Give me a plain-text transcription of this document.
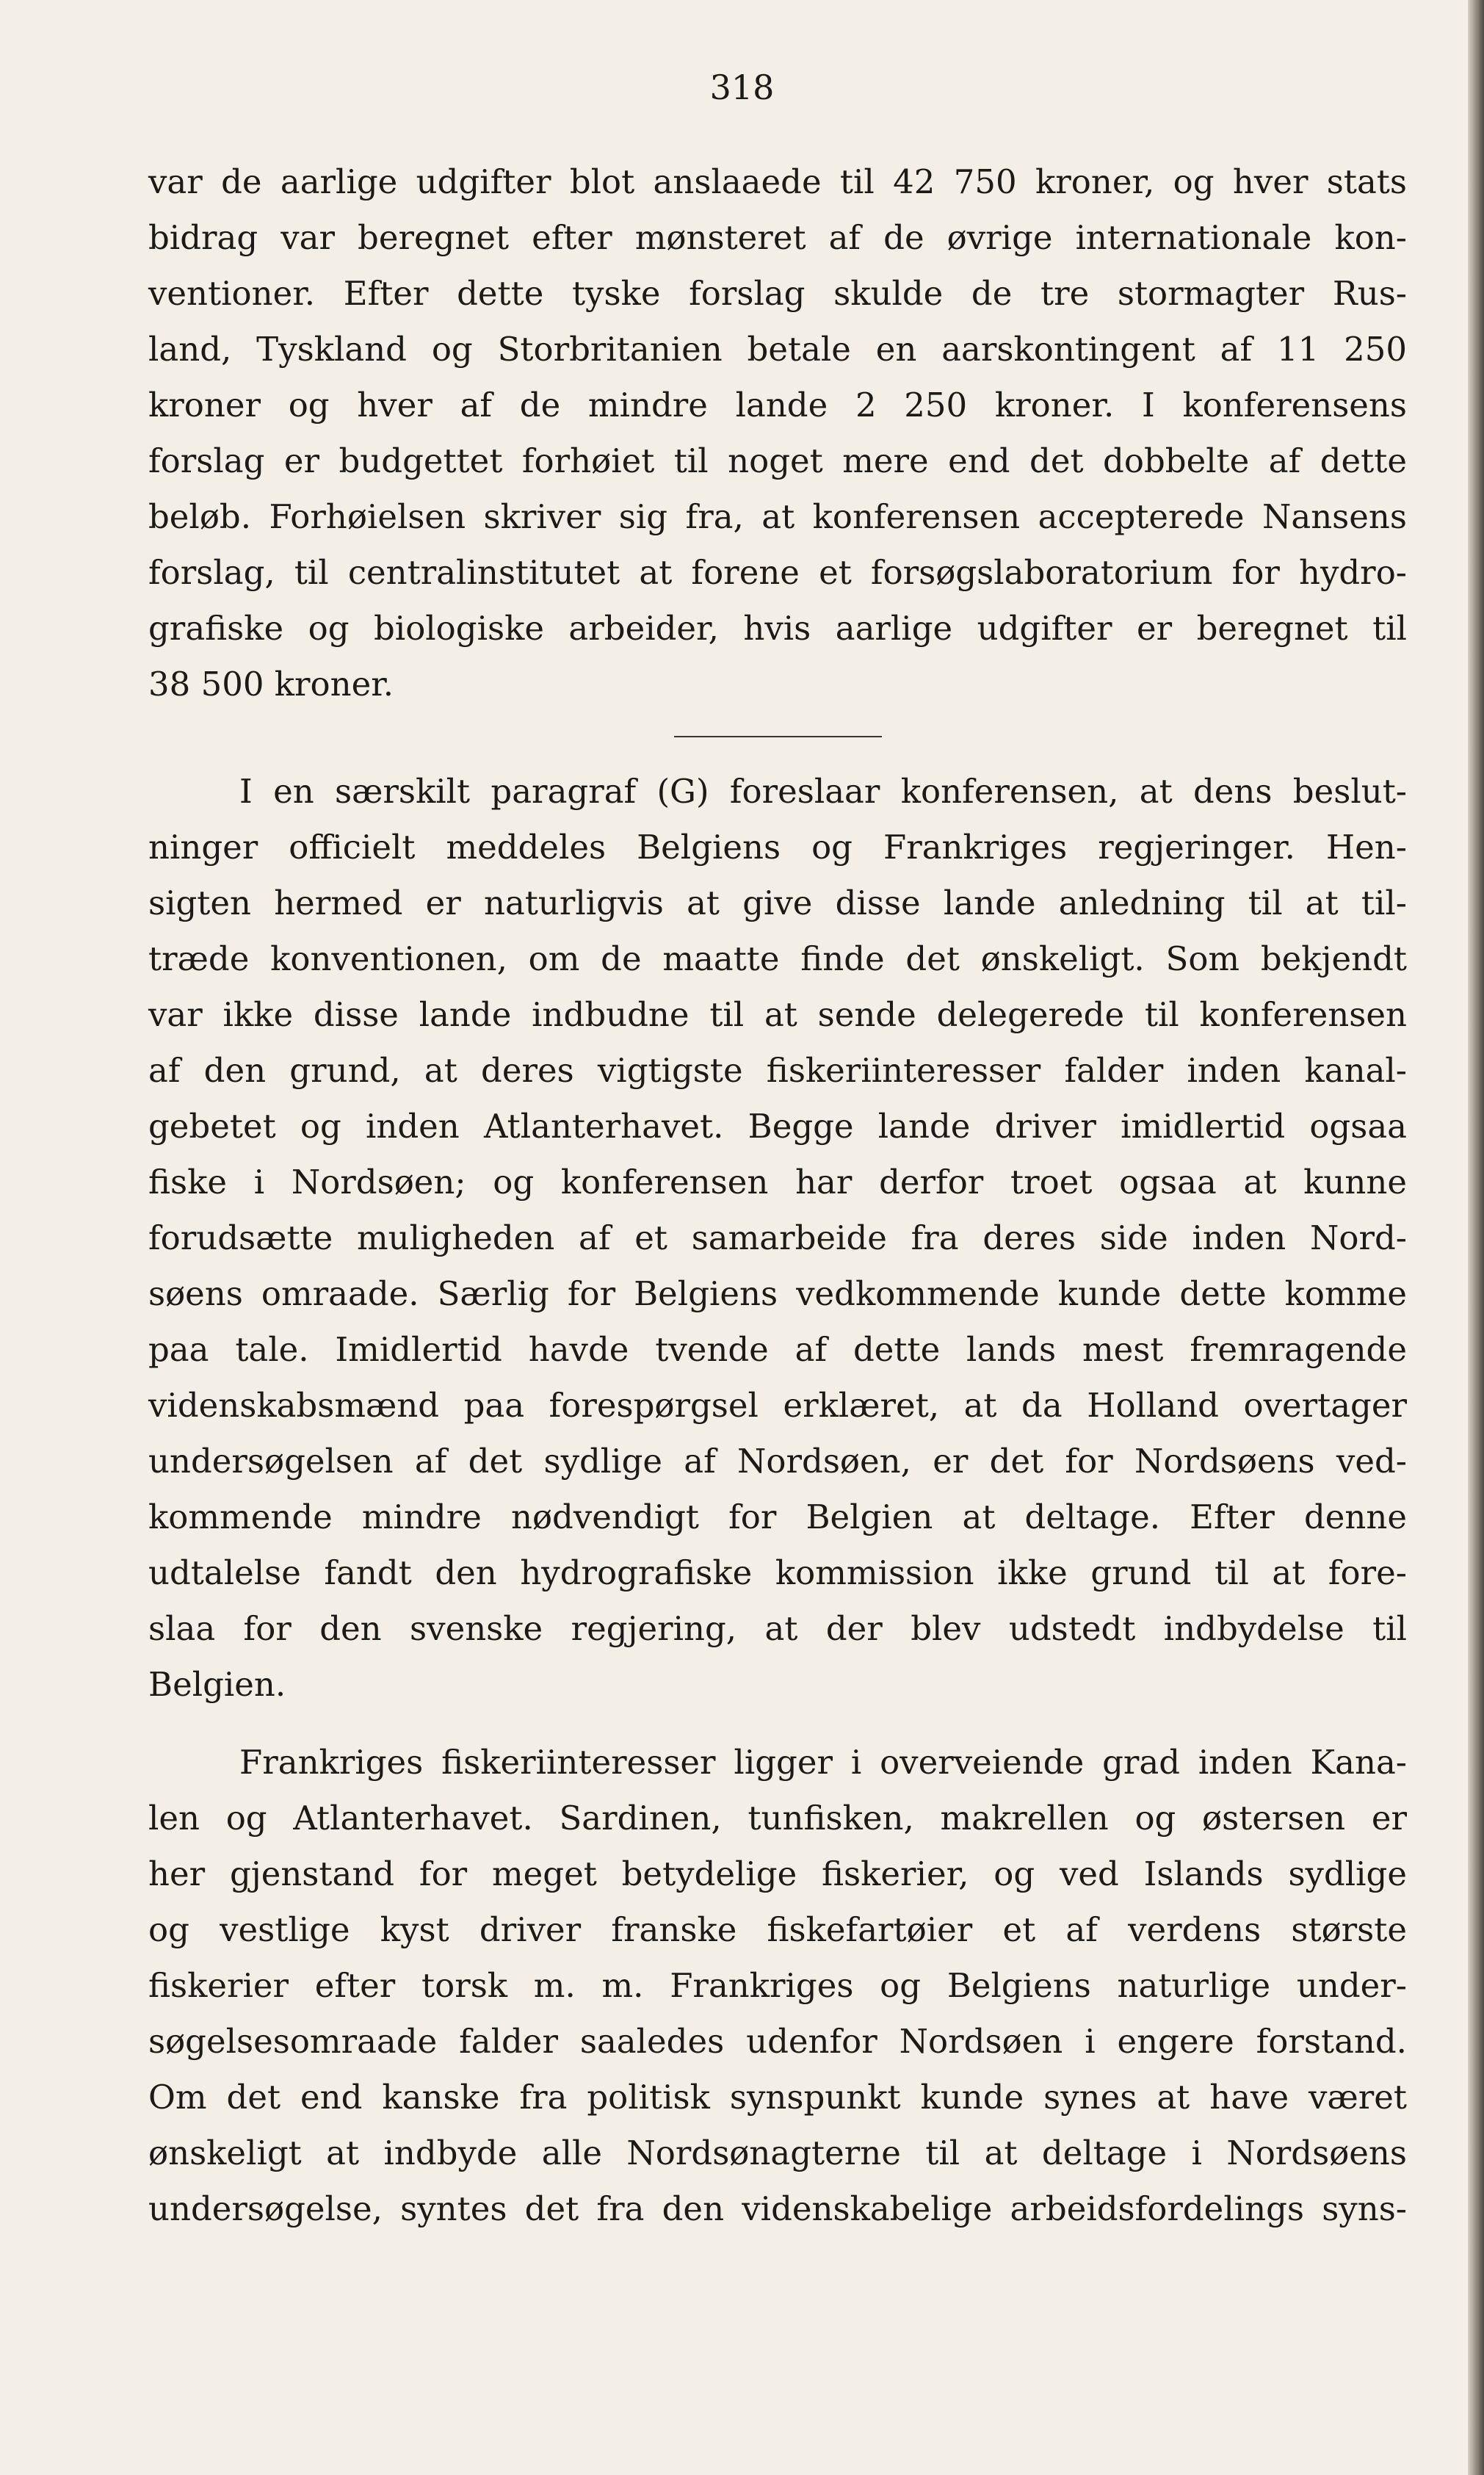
318
var de aarlige udgifter blot anslaaede til 42 750 kroner, og hver stats
bidrag var beregnet efter mønsteret af de øvrige internationale kon-
ventioner. Efter dette tyske forslag skulde de tre stormagter Rus-
land, Tyskland og Storbritanien betale en aarskontingent af 11 250
kroner og hver af de mindre lande 2 250 kroner. I konferensens
forslag er budgettet forhøiet til noget mere end det dobbelte af dette
beløb. Forhøielsen skriver sig fra, at konferensen accepterede Nansens
forslag, til centralinstitutet at forene et forsøgslaboratorium for hydro-
grafiske og biologiske arbeider, hvis aarlige udgifter er beregnet til
38 500 kroner.
I en særskilt paragraf (G) foreslaar konferensen, at dens beslut-
ninger officielt meddeles Belgiens og Frankriges regjeringer. Hen-
sigten hermed er naturligvis at give disse lande anledning til at til-
træde konventionen, om de maatte finde det ønskeligt. Som bekjendt
var ikke disse lande indbudne til at sende delegerede til konferensen
af den grund, at deres vigtigste fiskeriinteresser falder inden kanal-
gebetet og inden Atlanterhavet. Begge lande driver imidlertid ogsaa
fiske i Nordsøen; og konferensen har derfor troet ogsaa at kunne
forudsætte muligheden af et samarbeide fra deres side inden Nord-
søens omraade. Særlig for Belgiens vedkommende kunde dette komme
paa tale. Imidlertid havde tvende af dette lands mest fremragende
videnskabsmænd paa forespørgsel erklæret, at da Holland overtager
undersøgelsen af det sydlige af Nordsøen, er det for Nordsøens ved-
kommende mindre nødvendigt for Belgien at deltage. Efter denne
udtalelse fandt den hydrografiske kommission ikke grund til at fore-
slaa for den svenske regjering, at der blev udstedt indbydelse til
Belgien.
Frankriges fiskeriinteresser ligger i overveiende grad inden Kana-
len og Atlanterhavet. Sardinen, tunfisken, makrellen og østersen er
her gjenstand for meget betydelige fiskerier, og ved Islands sydlige
og vestlige kyst driver franske fiskefartøier et af verdens største
fiskerier efter torsk m. m. Frankriges og Belgiens naturlige under-
søgelsesomraade falder saaledes udenfor Nordsøen i engere forstand.
Om det end kanske fra politisk synspunkt kunde synes at have været
ønskeligt at indbyde alle Nordsønagterne til at deltage i Nordsøens
undersøgelse, syntes det fra den videnskabelige arbeidsfordelings syns-
